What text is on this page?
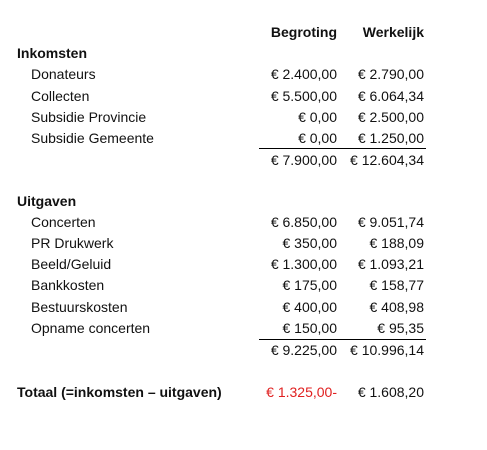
Begroting Werkelijk
Inkomsten
Donateurs	€ 2.400,00 € 2.790,00
Collecten	€ 5.500,00 € 6.064,34
Subsidie Provincie	€ 0,00 € 2.500,00
Subsidie Gemeente	€ 0,00 € 1.250,00
€ 7.900,00 € 12.604,34
Uitgaven
Concerten	€ 6.850,00 € 9.051,74
PR Drukwerk	€ 350,00 € 188,09
Beeld/Geluid	€ 1.300,00 € 1.093,21
Bankkosten	€ 175,00 € 158,77
Bestuurskosten	€ 400,00 € 408,98
Opname concerten	€ 150,00	€ 95,35
€ 9.225,00 € 10.996,14
Totaal (=inkomsten – uitgaven)	€ 1.325,00- € 1.608,20
